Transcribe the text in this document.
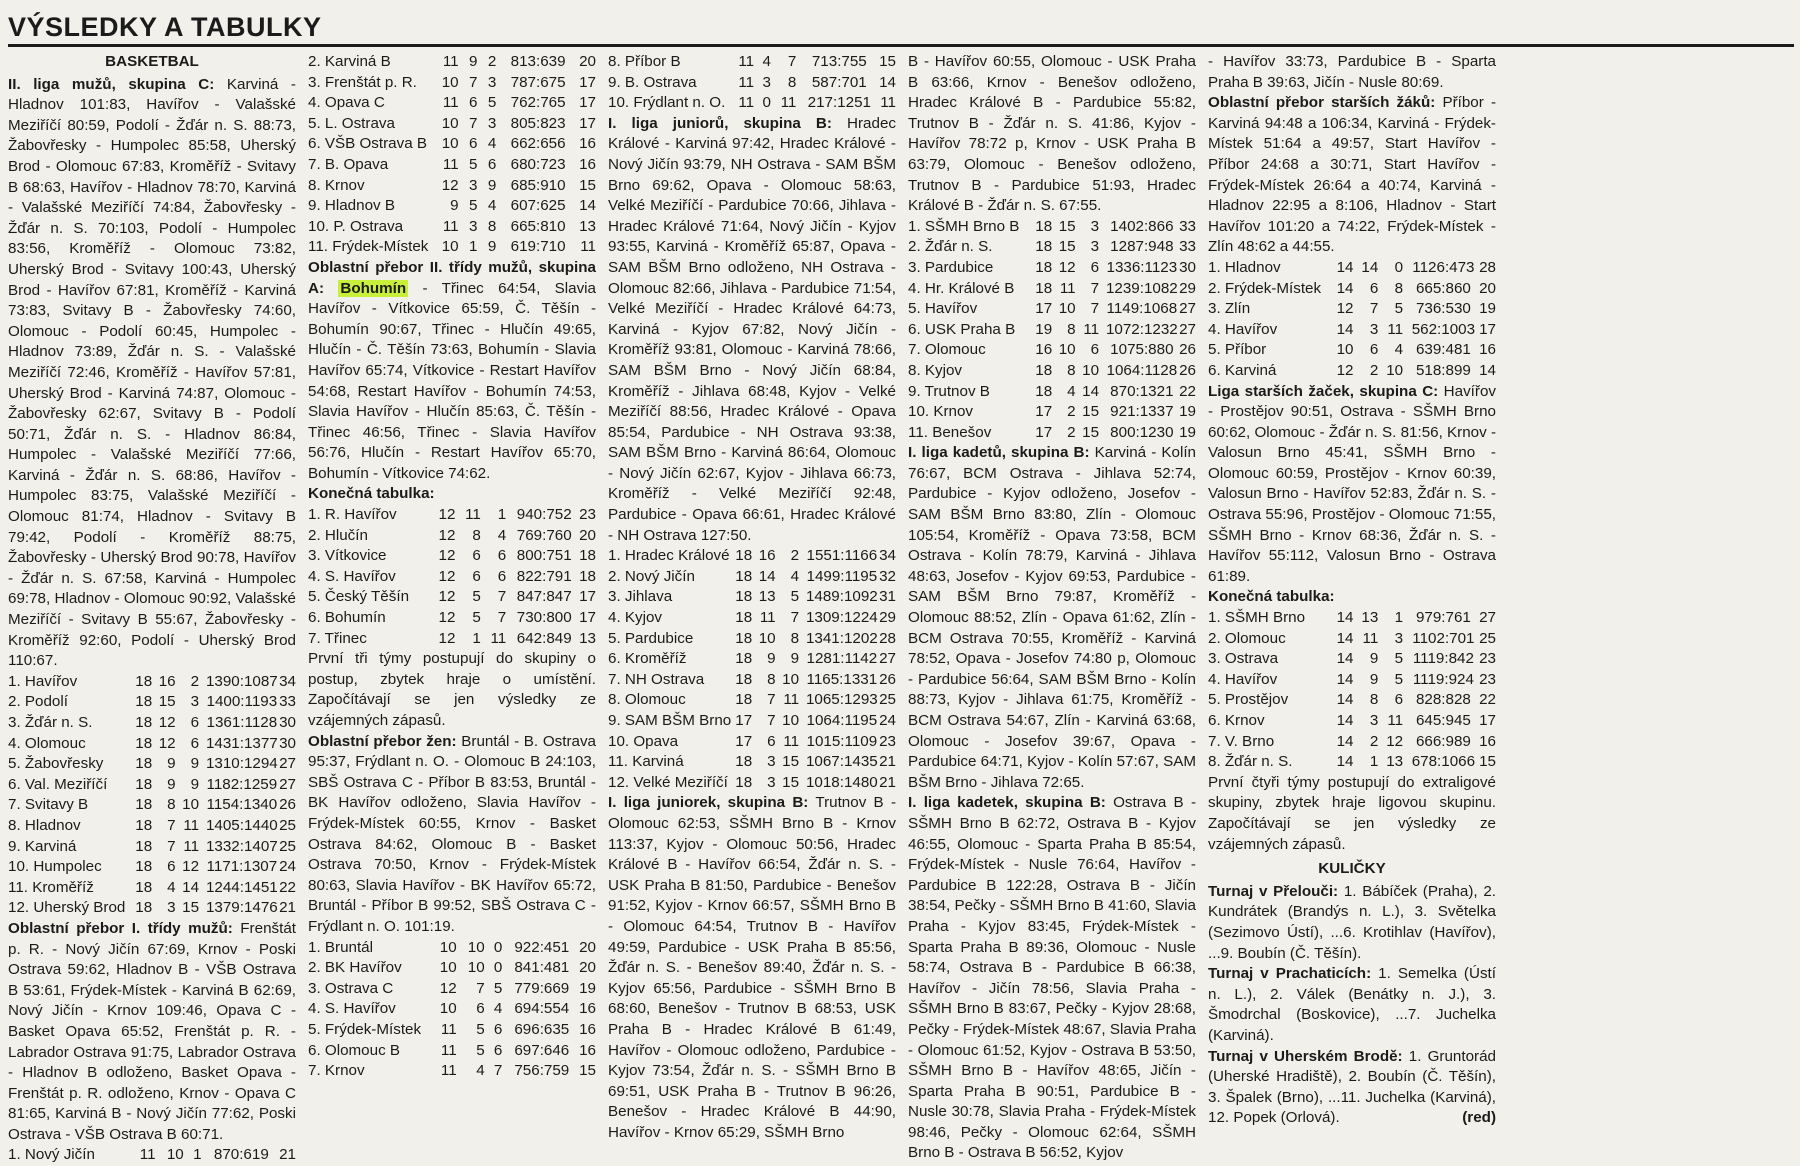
VÝSLEDKY A TABULKY

BASKETBAL

II. liga mužů, skupina C: Karviná - Hladnov 101:83, Havířov - Valašské Meziříčí 80:59, Podolí - Žďár n. S. 88:73, Žabovřesky - Humpolec 85:58, Uherský Brod - Olomouc 67:83, Kroměříž - Svitavy B 68:63, Havířov - Hladnov 78:70, Karviná - Valašské Meziříčí 74:84, Žabovřesky - Žďár n. S. 70:103, Podolí - Humpolec 83:56, Kroměříž - Olomouc 73:82, Uherský Brod - Svitavy 100:43, Uherský Brod - Havířov 67:81, Kroměříž - Karviná 73:83, Svitavy B - Žabovřesky 74:60, Olomouc - Podolí 60:45, Humpolec - Hladnov 73:89, Žďár n. S. - Valašské Meziříčí 72:46, Kroměříž - Havířov 57:81, Uherský Brod - Karviná 74:87, Olomouc - Žabovřesky 62:67, Svitavy B - Podolí 50:71, Žďár n. S. - Hladnov 86:84, Humpolec - Valašské Meziříčí 77:66, Karviná - Žďár n. S. 68:86, Havířov - Humpolec 83:75, Valašské Meziříčí - Olomouc 81:74, Hladnov - Svitavy B 79:42, Podolí - Kroměříž 88:75, Žabovřesky - Uherský Brod 90:78, Havířov - Žďár n. S. 67:58, Karviná - Humpolec 69:78, Hladnov - Olomouc 90:92, Valašské Meziříčí - Svitavy B 55:67, Žabovřesky - Kroměříž 92:60, Podolí - Uherský Brod 110:67.

1. Havířov	18	16	2	1390:1087	34
2. Podolí	18	15	3	1400:1193	33
3. Žďár n. S.	18	12	6	1361:1128	30
4. Olomouc	18	12	6	1431:1377	30
5. Žabovřesky	18	9	9	1310:1294	27
6. Val. Meziříčí	18	9	9	1182:1259	27
7. Svitavy B	18	8	10	1154:1340	26
8. Hladnov	18	7	11	1405:1440	25
9. Karviná	18	7	11	1332:1407	25
10. Humpolec	18	6	12	1171:1307	24
11. Kroměříž	18	4	14	1244:1451	22
12. Uherský Brod	18	3	15	1379:1476	21

Oblastní přebor I. třídy mužů: Frenštát p. R. - Nový Jičín 67:69, Krnov - Poski Ostrava 59:62, Hladnov B - VŠB Ostrava B 53:61, Frýdek-Místek - Karviná B 62:69, Nový Jičín - Krnov 109:46, Opava C - Basket Opava 65:52, Frenštát p. R. - Labrador Ostrava 91:75, Labrador Ostrava - Hladnov B odloženo, Basket Opava - Frenštát p. R. odloženo, Krnov - Opava C 81:65, Karviná B - Nový Jičín 77:62, Poski Ostrava - VŠB Ostrava B 60:71.

1. Nový Jičín	11	10	1	870:619	21
2. Karviná B	11	9	2	813:639	20
3. Frenštát p. R.	10	7	3	787:675	17
4. Opava C	11	6	5	762:765	17
5. L. Ostrava	10	7	3	805:823	17
6. VŠB Ostrava B	10	6	4	662:656	16
7. B. Opava	11	5	6	680:723	16
8. Krnov	12	3	9	685:910	15
9. Hladnov B	9	5	4	607:625	14
10. P. Ostrava	11	3	8	665:810	13
11. Frýdek-Místek	10	1	9	619:710	11

Oblastní přebor II. třídy mužů, skupina A: Bohumín - Třinec 64:54, Slavia Havířov - Vítkovice 65:59, Č. Těšín - Bohumín 90:67, Třinec - Hlučín 49:65, Hlučín - Č. Těšín 73:63, Bohumín - Slavia Havířov 65:74, Vítkovice - Restart Havířov 54:68, Restart Havířov - Bohumín 74:53, Slavia Havířov - Hlučín 85:63, Č. Těšín - Třinec 46:56, Třinec - Slavia Havířov 56:76, Hlučín - Restart Havířov 65:70, Bohumín - Vítkovice 74:62.

Konečná tabulka:

1. R. Havířov	12	11	1	940:752	23
2. Hlučín	12	8	4	769:760	20
3. Vítkovice	12	6	6	800:751	18
4. S. Havířov	12	6	6	822:791	18
5. Český Těšín	12	5	7	847:847	17
6. Bohumín	12	5	7	730:800	17
7. Třinec	12	1	11	642:849	13

První tři týmy postupují do skupiny o postup, zbytek hraje o umístění. Započítávají se jen výsledky ze vzájemných zápasů.

Oblastní přebor žen: Bruntál - B. Ostrava 95:37, Frýdlant n. O. - Olomouc B 24:103, SBŠ Ostrava C - Příbor B 83:53, Bruntál - BK Havířov odloženo, Slavia Havířov - Frýdek-Místek 60:55, Krnov - Basket Ostrava 84:62, Olomouc B - Basket Ostrava 70:50, Krnov - Frýdek-Místek 80:63, Slavia Havířov - BK Havířov 65:72, Bruntál - Příbor B 99:52, SBŠ Ostrava C - Frýdlant n. O. 101:19.

1. Bruntál	10	10	0	922:451	20
2. BK Havířov	10	10	0	841:481	20
3. Ostrava C	12	7	5	779:669	19
4. S. Havířov	10	6	4	694:554	16
5. Frýdek-Místek	11	5	6	696:635	16
6. Olomouc B	11	5	6	697:646	16
7. Krnov	11	4	7	756:759	15
8. Příbor B	11	4	7	713:755	15
9. B. Ostrava	11	3	8	587:701	14
10. Frýdlant n. O.	11	0	11	217:1251	11

I. liga juniorů, skupina B: Hradec Králové - Karviná 97:42, Hradec Králové - Nový Jičín 93:79, NH Ostrava - SAM BŠM Brno 69:62, Opava - Olomouc 58:63, Velké Meziříčí - Pardubice 70:66, Jihlava - Hradec Králové 71:64, Nový Jičín - Kyjov 93:55, Karviná - Kroměříž 65:87, Opava - SAM BŠM Brno odloženo, NH Ostrava - Olomouc 82:66, Jihlava - Pardubice 71:54, Velké Meziříčí - Hradec Králové 64:73, Karviná - Kyjov 67:82, Nový Jičín - Kroměříž 93:81, Olomouc - Karviná 78:66, SAM BŠM Brno - Nový Jičín 68:84, Kroměříž - Jihlava 68:48, Kyjov - Velké Meziříčí 88:56, Hradec Králové - Opava 85:54, Pardubice - NH Ostrava 93:38, SAM BŠM Brno - Karviná 86:64, Olomouc - Nový Jičín 62:67, Kyjov - Jihlava 66:73, Kroměříž - Velké Meziříčí 92:48, Pardubice - Opava 66:61, Hradec Králové - NH Ostrava 127:50.

1. Hradec Králové	18	16	2	1551:1166	34
2. Nový Jičín	18	14	4	1499:1195	32
3. Jihlava	18	13	5	1489:1092	31
4. Kyjov	18	11	7	1309:1224	29
5. Pardubice	18	10	8	1341:1202	28
6. Kroměříž	18	9	9	1281:1142	27
7. NH Ostrava	18	8	10	1165:1331	26
8. Olomouc	18	7	11	1065:1293	25
9. SAM BŠM Brno	17	7	10	1064:1195	24
10. Opava	17	6	11	1015:1109	23
11. Karviná	18	3	15	1067:1435	21
12. Velké Meziříčí	18	3	15	1018:1480	21

I. liga juniorek, skupina B: Trutnov B - Olomouc 62:53, SŠMH Brno B - Krnov 113:37, Kyjov - Olomouc 50:56, Hradec Králové B - Havířov 66:54, Žďár n. S. - USK Praha B 81:50, Pardubice - Benešov 91:52, Kyjov - Krnov 66:57, SŠMH Brno B - Olomouc 64:54, Trutnov B - Havířov 49:59, Pardubice - USK Praha B 85:56, Žďár n. S. - Benešov 89:40, Žďár n. S. - Kyjov 65:56, Pardubice - SŠMH Brno B 68:60, Benešov - Trutnov B 68:53, USK Praha B - Hradec Králové B 61:49, Havířov - Olomouc odloženo, Pardubice - Kyjov 73:54, Žďár n. S. - SŠMH Brno B 69:51, USK Praha B - Trutnov B 96:26, Benešov - Hradec Králové B 44:90, Havířov - Krnov 65:29, SŠMH Brno

B - Havířov 60:55, Olomouc - USK Praha B 63:66, Krnov - Benešov odloženo, Hradec Králové B - Pardubice 55:82, Trutnov B - Žďár n. S. 41:86, Kyjov - Havířov 78:72 p, Krnov - USK Praha B 63:79, Olomouc - Benešov odloženo, Trutnov B - Pardubice 51:93, Hradec Králové B - Žďár n. S. 67:55.

1. SŠMH Brno B	18	15	3	1402:866	33
2. Žďár n. S.	18	15	3	1287:948	33
3. Pardubice	18	12	6	1336:1123	30
4. Hr. Králové B	18	11	7	1239:1082	29
5. Havířov	17	10	7	1149:1068	27
6. USK Praha B	19	8	11	1072:1232	27
7. Olomouc	16	10	6	1075:880	26
8. Kyjov	18	8	10	1064:1128	26
9. Trutnov B	18	4	14	870:1321	22
10. Krnov	17	2	15	921:1337	19
11. Benešov	17	2	15	800:1230	19

I. liga kadetů, skupina B: Karviná - Kolín 76:67, BCM Ostrava - Jihlava 52:74, Pardubice - Kyjov odloženo, Josefov - SAM BŠM Brno 83:80, Zlín - Olomouc 105:54, Kroměříž - Opava 73:58, BCM Ostrava - Kolín 78:79, Karviná - Jihlava 48:63, Josefov - Kyjov 69:53, Pardubice - SAM BŠM Brno 79:87, Kroměříž - Olomouc 88:52, Zlín - Opava 61:62, Zlín - BCM Ostrava 70:55, Kroměříž - Karviná 78:52, Opava - Josefov 74:80 p, Olomouc - Pardubice 56:64, SAM BŠM Brno - Kolín 88:73, Kyjov - Jihlava 61:75, Kroměříž - BCM Ostrava 54:67, Zlín - Karviná 63:68, Olomouc - Josefov 39:67, Opava - Pardubice 64:71, Kyjov - Kolín 57:67, SAM BŠM Brno - Jihlava 72:65.

I. liga kadetek, skupina B: Ostrava B - SŠMH Brno B 62:72, Ostrava B - Kyjov 46:55, Olomouc - Sparta Praha B 85:54, Frýdek-Místek - Nusle 76:64, Havířov - Pardubice B 122:28, Ostrava B - Jičín 38:54, Pečky - SŠMH Brno B 41:60, Slavia Praha - Kyjov 83:45, Frýdek-Místek - Sparta Praha B 89:36, Olomouc - Nusle 58:74, Ostrava B - Pardubice B 66:38, Havířov - Jičín 78:56, Slavia Praha - SŠMH Brno B 83:67, Pečky - Kyjov 28:68, Pečky - Frýdek-Místek 48:67, Slavia Praha - Olomouc 61:52, Kyjov - Ostrava B 53:50, SŠMH Brno B - Havířov 48:65, Jičín - Sparta Praha B 90:51, Pardubice B - Nusle 30:78, Slavia Praha - Frýdek-Místek 98:46, Pečky - Olomouc 62:64, SŠMH Brno B - Ostrava B 56:52, Kyjov

- Havířov 33:73, Pardubice B - Sparta Praha B 39:63, Jičín - Nusle 80:69.

Oblastní přebor starších žáků: Příbor - Karviná 94:48 a 106:34, Karviná - Frýdek-Místek 51:64 a 49:57, Start Havířov - Příbor 24:68 a 30:71, Start Havířov - Frýdek-Místek 26:64 a 40:74, Karviná - Hladnov 22:95 a 8:106, Hladnov - Start Havířov 101:20 a 74:22, Frýdek-Místek - Zlín 48:62 a 44:55.

1. Hladnov	14	14	0	1126:473	28
2. Frýdek-Místek	14	6	8	665:860	20
3. Zlín	12	7	5	736:530	19
4. Havířov	14	3	11	562:1003	17
5. Příbor	10	6	4	639:481	16
6. Karviná	12	2	10	518:899	14

Liga starších žaček, skupina C: Havířov - Prostějov 90:51, Ostrava - SŠMH Brno 60:62, Olomouc - Žďár n. S. 81:56, Krnov - Valosun Brno 45:41, SŠMH Brno - Olomouc 60:59, Prostějov - Krnov 60:39, Valosun Brno - Havířov 52:83, Žďár n. S. - Ostrava 55:96, Prostějov - Olomouc 71:55, SŠMH Brno - Krnov 68:36, Žďár n. S. - Havířov 55:112, Valosun Brno - Ostrava 61:89.

Konečná tabulka:

1. SŠMH Brno	14	13	1	979:761	27
2. Olomouc	14	11	3	1102:701	25
3. Ostrava	14	9	5	1119:842	23
4. Havířov	14	9	5	1119:924	23
5. Prostějov	14	8	6	828:828	22
6. Krnov	14	3	11	645:945	17
7. V. Brno	14	2	12	666:989	16
8. Žďár n. S.	14	1	13	678:1066	15

První čtyři týmy postupují do extraligové skupiny, zbytek hraje ligovou skupinu. Započítávají se jen výsledky ze vzájemných zápasů.

KULIČKY

Turnaj v Přelouči: 1. Bábíček (Praha), 2. Kundrátek (Brandýs n. L.), 3. Světelka (Sezimovo Ústí), ...6. Krotihlav (Havířov), ...9. Boubín (Č. Těšín).

Turnaj v Prachaticích: 1. Semelka (Ústí n. L.), 2. Válek (Benátky n. J.), 3. Šmodrchal (Boskovice), ...7. Juchelka (Karviná).

Turnaj v Uherském Brodě: 1. Gruntorád (Uherské Hradiště), 2. Boubín (Č. Těšín), 3. Špalek (Brno), ...11. Juchelka (Karviná), 12. Popek (Orlová).	(red)
